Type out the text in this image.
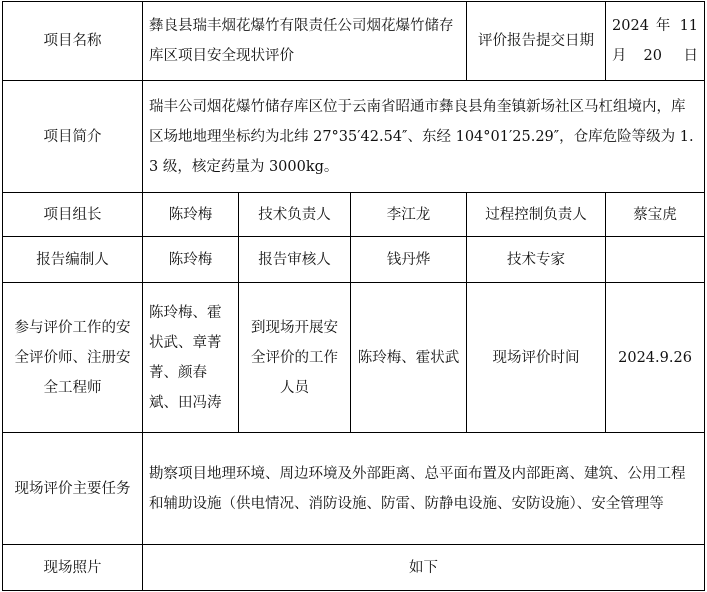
项目名称	彝良县瑞丰烟花爆竹有限责任公司烟花爆竹储存库区项目安全现状评价			评价报告提交日期	2024 年 11 月20 日
项目简介	瑞丰公司烟花爆竹储存库区位于云南省昭通市彝良县角奎镇新场社区马杠组境内，库区场地地理坐标约为北纬 27°35′42.54″、东经 104°01′25.29″，仓库危险等级为 1.3 级，核定药量为 3000kg。				
项目组长	陈玲梅	技术负责人	李江龙	过程控制负责人	蔡宝虎
报告编制人	陈玲梅	报告审核人	钱丹烨	技术专家	
参与评价工作的安全评价师、注册安全工程师	陈玲梅、霍状武、章菁菁、颜春斌、田冯涛	到现场开展安全评价的工作人员	陈玲梅、霍状武	现场评价时间	2024.9.26
现场评价主要任务	勘察项目地理环境、周边环境及外部距离、总平面布置及内部距离、建筑、公用工程和辅助设施（供电情况、消防设施、防雷、防静电设施、安防设施）、安全管理等				
现场照片	如下				
